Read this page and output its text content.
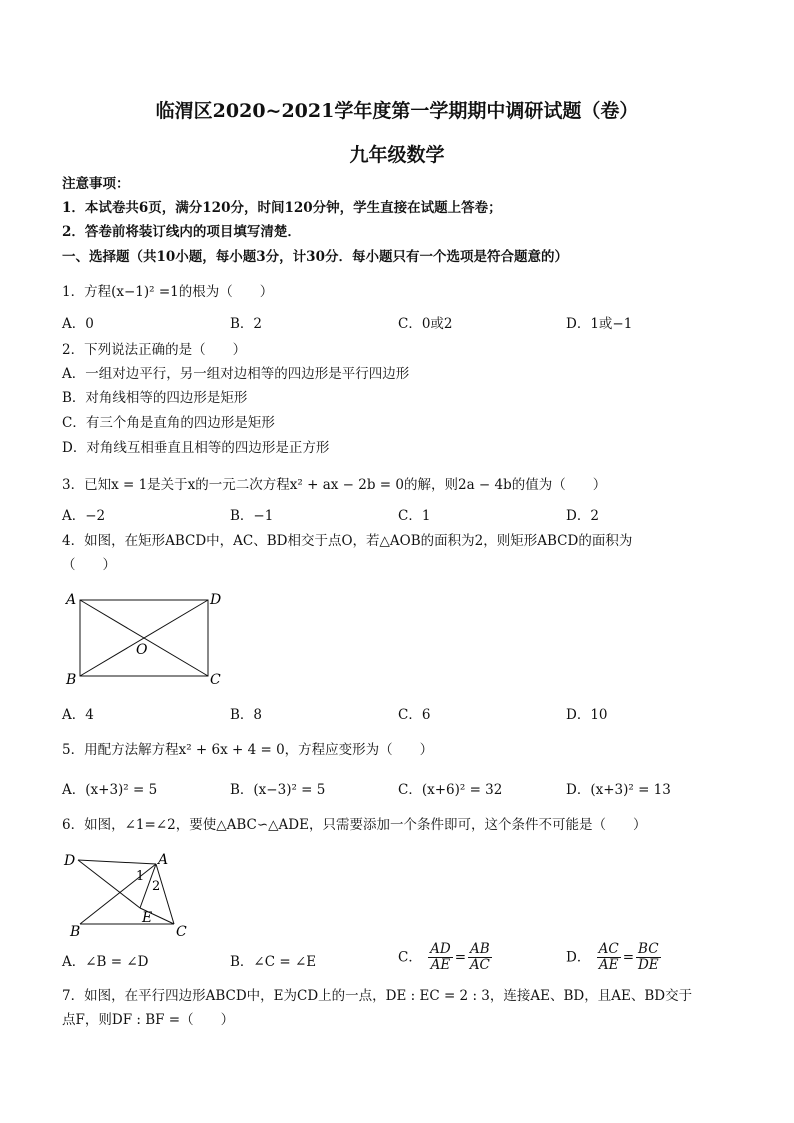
临渭区2020~2021学年度第一学期期中调研试题（卷）
九年级数学
注意事项：
1．本试卷共6页，满分120分，时间120分钟，学生直接在试题上答卷；
2．答卷前将装订线内的项目填写清楚．
一、选择题（共10小题，每小题3分，计30分．每小题只有一个选项是符合题意的）
1．方程(x−1)² =1的根为（　　）
A．0	B．2	C．0或2	D．1或−1
2．下列说法正确的是（　　）
A．一组对边平行，另一组对边相等的四边形是平行四边形
B．对角线相等的四边形是矩形
C．有三个角是直角的四边形是矩形
D．对角线互相垂直且相等的四边形是正方形
3．已知x = 1是关于x的一元二次方程x² + ax − 2b = 0的解，则2a − 4b的值为（　　）
A．−2	B．−1	C．1	D．2
4．如图，在矩形ABCD中，AC、BD相交于点O，若△AOB的面积为2，则矩形ABCD的面积为
（　　）
A	D
B	C
O
A．4	B．8	C．6	D．10
5．用配方法解方程x² + 6x + 4 = 0，方程应变形为（　　）
A．(x+3)² = 5	B．(x−3)² = 5	C．(x+6)² = 32	D．(x+3)² = 13
6．如图，∠1=∠2，要使△ABC∽△ADE，只需要添加一个条件即可，这个条件不可能是（　　）
D	A
1
2
E
B	C
A．∠B = ∠D	B．∠C = ∠E	C． $\frac{AD}{AE} = \frac{AB}{AC}$	D． $\frac{AC}{AE} = \frac{BC}{DE}$
7．如图，在平行四边形ABCD中，E为CD上的一点，DE : EC = 2 : 3，连接AE、BD，且AE、BD交于
点F，则DF : BF =（　　）
